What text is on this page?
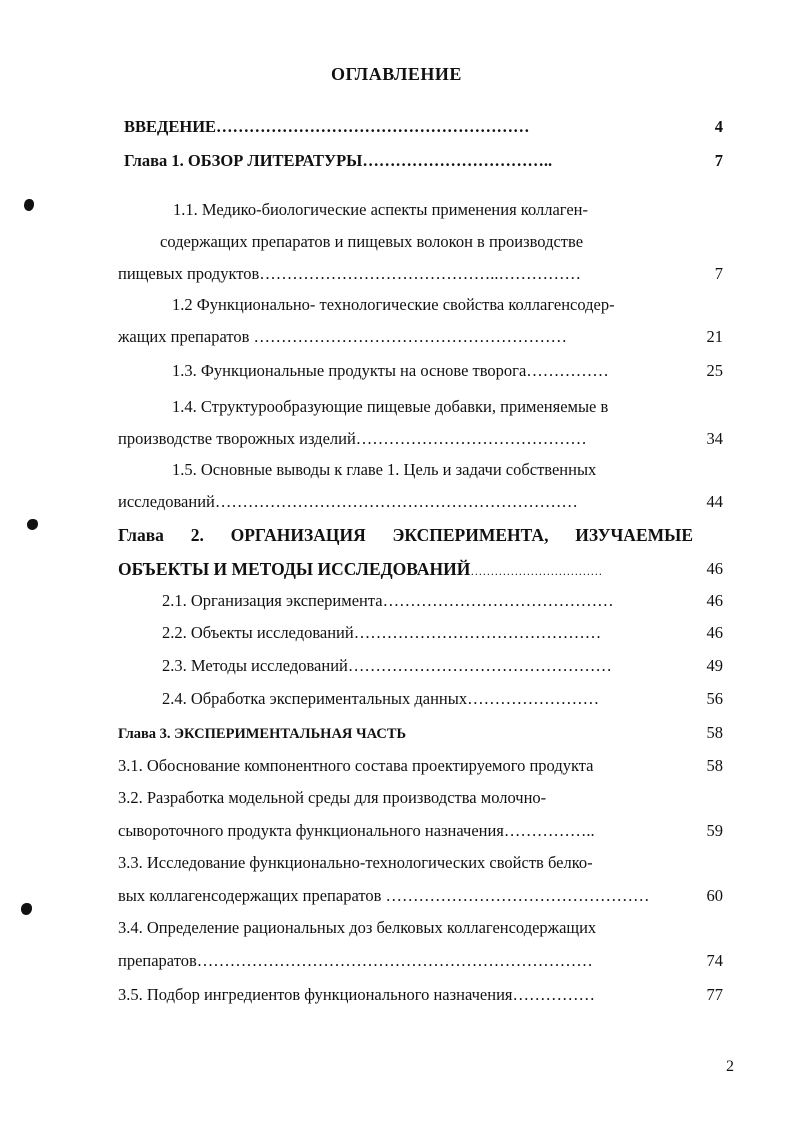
ОГЛАВЛЕНИЕ
ВВЕДЕНИЕ…………………………………………………	4
Глава 1. ОБЗОР ЛИТЕРАТУРЫ……………………………..	7
1.1. Медико-биологические аспекты применения коллаген-
содержащих препаратов и пищевых волокон в производстве
пищевых продуктов……………………………………..……………	7
1.2 Функционально- технологические свойства коллагенсодер-
жащих препаратов …………………………………………………	21
1.3. Функциональные продукты на основе творога……………	25
1.4. Структурообразующие пищевые добавки, применяемые в
производстве творожных изделий……………………………………	34
1.5. Основные выводы к главе 1. Цель и задачи собственных
исследований…………………………………………………………	44
Глава  2.  ОРГАНИЗАЦИЯ  ЭКСПЕРИМЕНТА,  ИЗУЧАЕМЫЕ
ОБЪЕКТЫ И МЕТОДЫ ИССЛЕДОВАНИЙ……………………………	46
2.1. Организация эксперимента……………………………………	46
2.2. Объекты исследований………………………………………	46
2.3. Методы исследований…………………………………………	49
2.4. Обработка экспериментальных данных……………………	56
Глава 3. ЭКСПЕРИМЕНТАЛЬНАЯ ЧАСТЬ	58
3.1. Обоснование компонентного состава проектируемого продукта	58
3.2. Разработка модельной среды для производства молочно-
сывороточного продукта функционального назначения……………..	59
3.3. Исследование функционально-технологических свойств белко-
вых коллагенсодержащих препаратов …………………………………………	60
3.4. Определение рациональных доз белковых коллагенсодержащих
препаратов………………………………………………………………	74
3.5. Подбор ингредиентов функционального назначения……………	77
2
